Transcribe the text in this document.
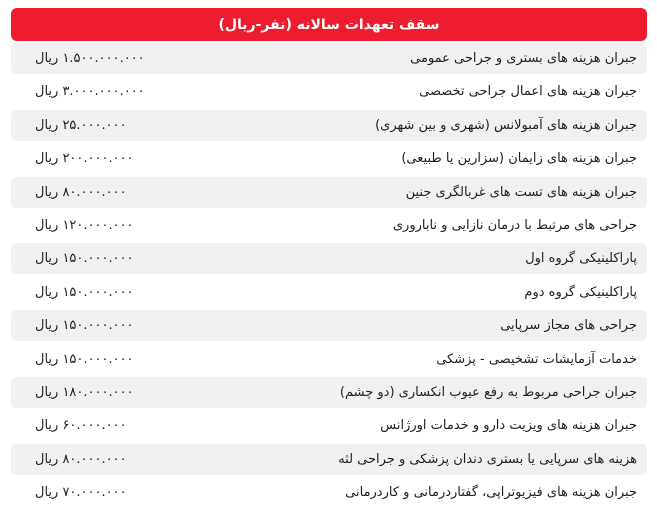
سقف تعهدات سالانه (نفر-ریال)
۱.۵۰۰.۰۰۰.۰۰۰ ریال	جبران هزینه های بستری و جراحی عمومی
۳.۰۰۰.۰۰۰.۰۰۰ ریال	جبران هزینه های اعمال جراحی تخصصی
۲۵.۰۰۰.۰۰۰ ریال	جبران هزینه های آمبولانس (شهری و بین شهری)
۲۰۰.۰۰۰.۰۰۰ ریال	جبران هزینه های زایمان (سزارین یا طبیعی)
۸۰.۰۰۰.۰۰۰ ریال	جبران هزینه های تست های غربالگری جنین
۱۲۰.۰۰۰.۰۰۰ ریال	جراحی های مرتبط با درمان نازایی و ناباروری
۱۵۰.۰۰۰.۰۰۰ ریال	پاراکلینیکی گروه اول
۱۵۰.۰۰۰.۰۰۰ ریال	پاراکلینیکی گروه دوم
۱۵۰.۰۰۰.۰۰۰ ریال	جراحی های مجاز سرپایی
۱۵۰.۰۰۰.۰۰۰ ریال	خدمات آزمایشات تشخیصی - پزشکی
۱۸۰.۰۰۰.۰۰۰ ریال	جبران جراحی مربوط به رفع عیوب انکساری (دو چشم)
۶۰.۰۰۰.۰۰۰ ریال	جبران هزینه های ویزیت دارو و خدمات اورژانس
۸۰.۰۰۰.۰۰۰ ریال	هزینه های سرپایی یا بستری دندان پزشکی و جراحی لثه
۷۰.۰۰۰.۰۰۰ ریال	جبران هزینه های فیزیوتراپی، گفتاردرمانی و کاردرمانی
